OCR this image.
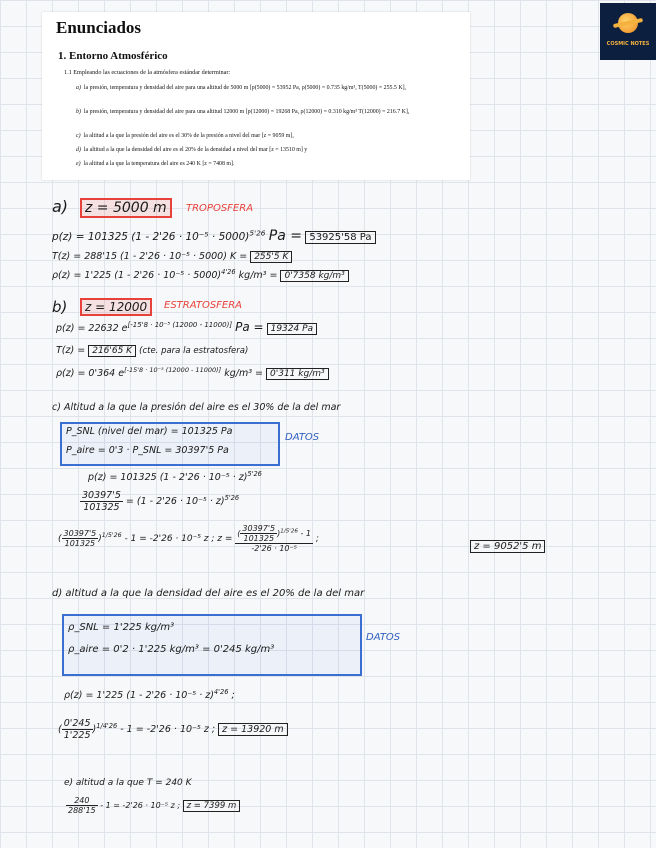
Enunciados
1. Entorno Atmosférico
1.1 Empleando las ecuaciones de la atmósfera estándar determinar:
a) la presión, temperatura y densidad del aire para una altitud de 5000 m [p(5000) = 53952 Pa, ρ(5000) = 0.735 kg/m³, T(5000) = 255.5 K],
b) la presión, temperatura y densidad del aire para una altitud 12000 m [p(12000) = 19268 Pa, ρ(12000) = 0.310 kg/m³ T(12000) = 216.7 K],
c) la altitud a la que la presión del aire es el 30% de la presión a nivel del mar [z = 9059 m],
d) la altitud a la que la densidad del aire es el 20% de la densidad a nivel del mar [z = 13510 m] y
e) la altitud a la que la temperatura del aire es 240 K [z = 7408 m].
COSMIC NOTES
a)	z = 5000 m	TROPOSFERA
p(z) = 101325 $(1 - 2'26 \cdot 10^{-5} \cdot 5000)^{5'26}$ Pa = 53925'58 Pa
T(z) = 288'15 (1 - 2'26 · 10⁻⁵ · 5000) K = 255'5 K
ρ(z) = 1'225 $(1 - 2'26 \cdot 10^{-5} \cdot 5000)^{4'26}$ kg/m³ = 0'7358 kg/m³
b)	z = 12000	ESTRATOSFERA
p(z) = 22632 e[-15'8 · 10⁻⁵ (12000 - 11000)] Pa = 19324 Pa
T(z) = 216'65 K (cte. para la estratosfera)
ρ(z) = 0'364 e[-15'8 · 10⁻⁵ (12000 - 11000)] kg/m³ = 0'311 kg/m³
c) Altitud a la que la presión del aire es el 30% de la del mar
P_SNL (nivel del mar) = 101325 Pa
P_aire = 0'3 · P_SNL = 30397'5 Pa
DATOS
p(z) = 101325 $(1 - 2'26 \cdot 10^{-5} \cdot z)^{5'26}$
$\frac{30397'5}{101325} = (1 - 2'26 \cdot 10^{-5} \cdot z)^{5'26}$
( $\frac{30397'5}{101325} )^{1/5'26} - 1 = -2'26 \cdot 10^{-5}$ z ; $z = \frac{( \frac{30397'5}{101325} )^{1/5'26} - 1}{\text{-2'26 · 10⁻⁵}}$ ;
z = 9052'5 m
d) altitud a la que la densidad del aire es el 20% de la del mar
ρ_SNL = 1'225 kg/m³
ρ_aire = 0'2 · 1'225 kg/m³ = 0'245 kg/m³
DATOS
ρ(z) = 1'225 $(1 - 2'26 \cdot 10^{-5} \cdot z)^{4'26}$ ;
( $\frac{0'245}{1'225} )^{1/4'26} - 1 = -2'26 \cdot 10^{-5}$ z ; z = 13920 m
e) altitud a la que T = 240 K
$\frac{240}{288'15} - 1 = -2'26 \cdot 10^{-5}$ z ; z = 7399 m
